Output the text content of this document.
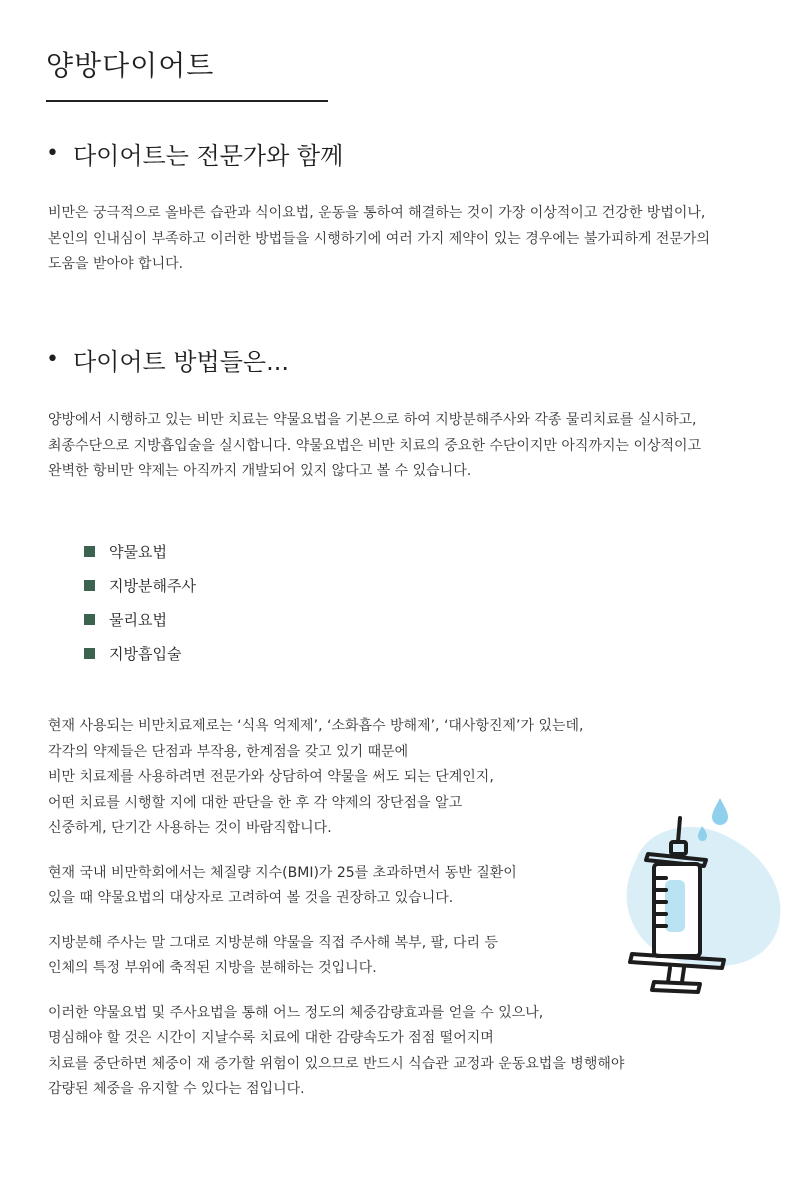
양방다이어트
• 다이어트는 전문가와 함께
비만은 궁극적으로 올바른 습관과 식이요법, 운동을 통하여 해결하는 것이 가장 이상적이고 건강한 방법이나,
본인의 인내심이 부족하고 이러한 방법들을 시행하기에 여러 가지 제약이 있는 경우에는 불가피하게 전문가의
도움을 받아야 합니다.
• 다이어트 방법들은...
양방에서 시행하고 있는 비만 치료는 약물요법을 기본으로 하여 지방분해주사와 각종 물리치료를 실시하고,
최종수단으로 지방흡입술을 실시합니다. 약물요법은 비만 치료의 중요한 수단이지만 아직까지는 이상적이고
완벽한 항비만 약제는 아직까지 개발되어 있지 않다고 볼 수 있습니다.
약물요법
지방분해주사
물리요법
지방흡입술

현재 사용되는 비만치료제로는 ‘식욕 억제제’, ‘소화흡수 방해제’, ‘대사항진제’가 있는데,
각각의 약제들은 단점과 부작용, 한계점을 갖고 있기 때문에
비만 치료제를 사용하려면 전문가와 상담하여 약물을 써도 되는 단계인지,
어떤 치료를 시행할 지에 대한 판단을 한 후 각 약제의 장단점을 알고
신중하게, 단기간 사용하는 것이 바람직합니다.

현재 국내 비만학회에서는 체질량 지수(BMI)가 25를 초과하면서 동반 질환이
있을 때 약물요법의 대상자로 고려하여 볼 것을 권장하고 있습니다.

지방분해 주사는 말 그대로 지방분해 약물을 직접 주사해 복부, 팔, 다리 등
인체의 특정 부위에 축적된 지방을 분해하는 것입니다.

이러한 약물요법 및 주사요법을 통해 어느 정도의 체중감량효과를 얻을 수 있으나,
명심해야 할 것은 시간이 지날수록 치료에 대한 감량속도가 점점 떨어지며
치료를 중단하면 체중이 재 증가할 위험이 있으므로 반드시 식습관 교정과 운동요법을 병행해야
감량된 체중을 유지할 수 있다는 점입니다.
